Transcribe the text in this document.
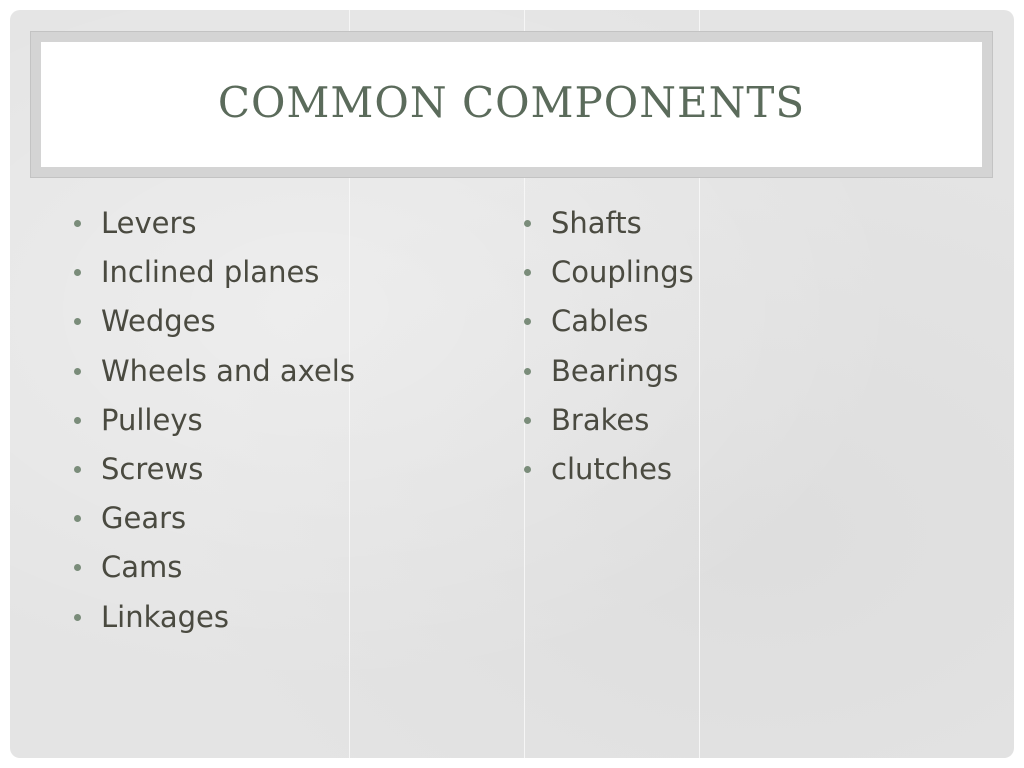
COMMON COMPONENTS
Levers
Inclined planes
Wedges
Wheels and axels
Pulleys
Screws
Gears
Cams
Linkages
Shafts
Couplings
Cables
Bearings
Brakes
clutches
